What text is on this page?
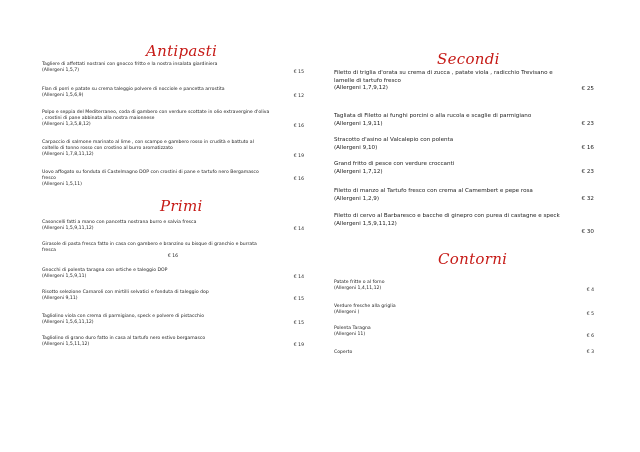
Antipasti
Tagliere di affettati nostrani con gnocco fritto e la nostra insalata giardiniera
(Allergeni 1,5,7)	€ 15
Flan di porri e patate su crema taleggio polvere di nocciole e pancetta arrostita
(Allergeni 1,5,6,9)	€ 12
Polpo e seppia del Mediterraneo, coda di gambero con verdure scottate in olio extravergine d'oliva , crostini di pane abbinata alla nostra maionnese
(Allergeni 1,3,5,8,12)	€ 16
Carpaccio di salmone marinato al lime , con scampo e gambero rosso in crudità e battuto al coltello di tonno rosso con crostino al burro aromatizzato
(Allergeni 1,7,8,11,12)	€ 19
Uovo affogato su fonduta di Castelmagno DOP con crostini di pane e tartufo nero Bergamasco fresco
(Allergeni 1,5,11)
€ 16
Primi
Casoncelli fatti a mano con pancetta nostrana burro e salvia fresca
(Allergeni 1,5,9,11,12)	€ 14
Girasole di pasta fresca fatto in casa con gambero e branzino su bisque di granchio e burrata fresca
€ 16
Gnocchi di polenta taragna con ortiche e taleggio DOP
(Allergeni 1,5,9,11)	€ 14
Risotto selezione Carnaroli con mirtilli selvatici e fonduta di taleggio dop
(Allergeni 9,11)	€ 15
Tagliolino viola con crema di parmigiano, speck e polvere di pistacchio
(Allergeni 1,5,6,11,12)	€ 15
Tagliolino di grano duro fatto in casa al tartufo nero estivo bergamasco
(Allergeni 1,5,11,12)	€ 19
Secondi
Filetto di triglia d'orata su crema di zucca , patate viola , radicchio Trevisano e lamelle di tartufo fresco
(Allergeni 1,7,9,12)	€ 25
Tagliata di Filetto ai funghi porcini o alla rucola e scaglie di parmigiano
(Allergeni 1,9,11)	€ 23
Stracotto d'asino al Valcalepio con polenta
(Allergeni 9,10)	€ 16
Grand fritto di pesce con verdure croccanti
(Allergeni 1,7,12)	€ 23
Filetto di manzo al Tartufo fresco con crema al Camembert e pepe rosa
(Allergeni 1,2,9)	€ 32
Filetto di cervo al Barbaresco e bacche di ginepro con purea di castagne e speck
(Allergeni 1,5,9,11,12)
€ 30
Contorni
Patate fritte o al forno
(Allergeni 1,4,11,12)	€ 4
Verdure fresche alla griglia
(Allergeni )	€ 5
Polenta Taragna
(Allergeni 11)	€ 6
Coperto	€ 3
